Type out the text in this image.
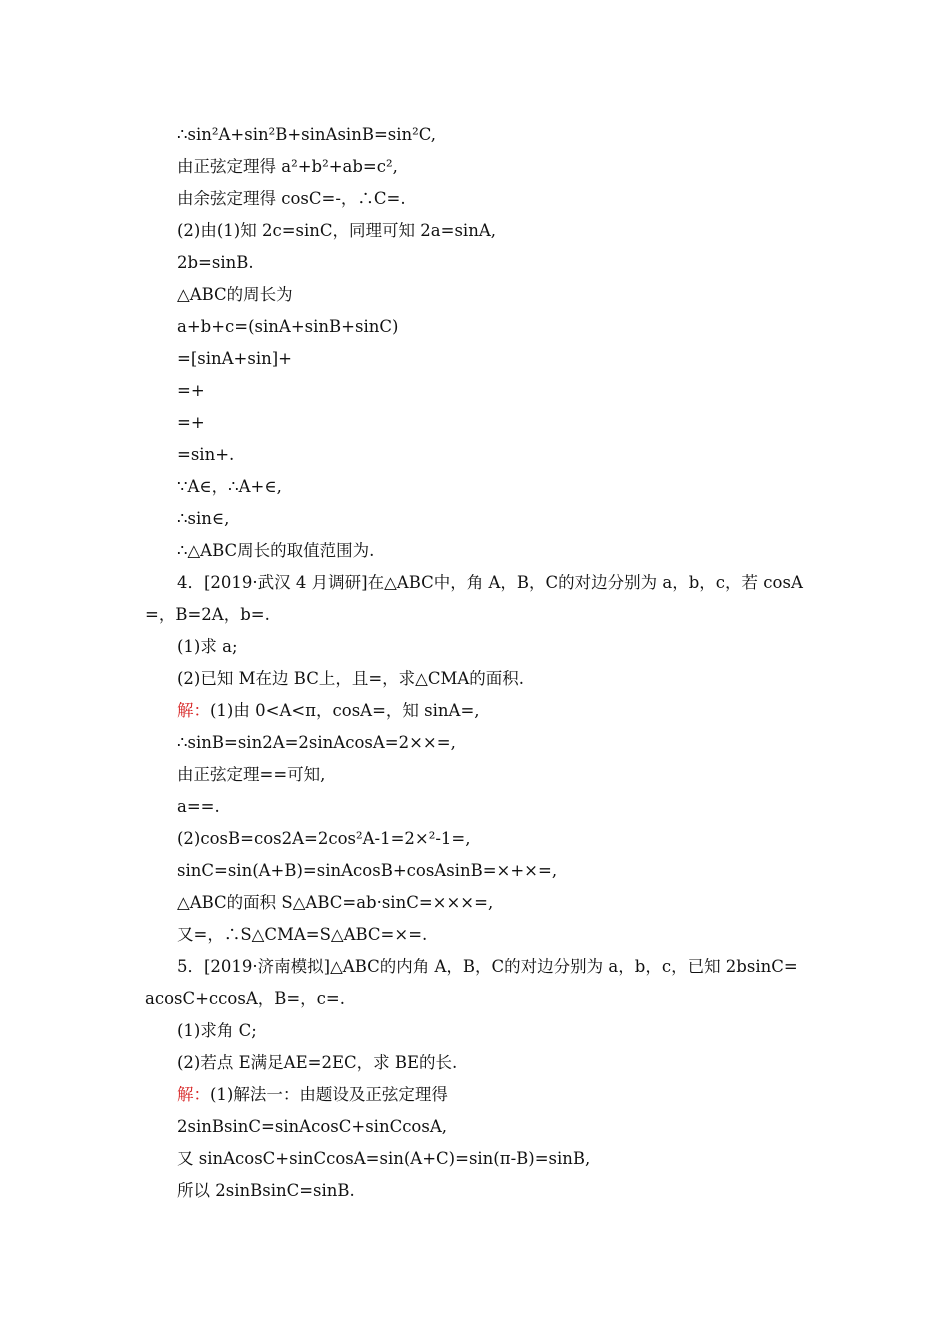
∴sin²A+sin²B+sinAsinB=sin²C,
由正弦定理得 a²+b²+ab=c²,
由余弦定理得 cosC=-，∴C=.
(2)由(1)知 2c=sinC，同理可知 2a=sinA,
2b=sinB.
△ABC的周长为
a+b+c=(sinA+sinB+sinC)
=[sinA+sin]+
=+
=+
=sin+.
∵A∈，∴A+∈,
∴sin∈,
∴△ABC周长的取值范围为.
4．[2019·武汉 4 月调研]在△ABC中，角 A，B，C的对边分别为 a，b，c，若 cosA
=，B=2A，b=.
(1)求 a;
(2)已知 M在边 BC上，且=，求△CMA的面积.
解：(1)由 0<A<π，cosA=，知 sinA=,
∴sinB=sin2A=2sinAcosA=2××=,
由正弦定理==可知,
a==.
(2)cosB=cos2A=2cos²A-1=2×²-1=,
sinC=sin(A+B)=sinAcosB+cosAsinB=×+×=,
△ABC的面积 S△ABC=ab·sinC=×××=,
又=，∴S△CMA=S△ABC=×=.
5．[2019·济南模拟]△ABC的内角 A，B，C的对边分别为 a，b，c，已知 2bsinC=
acosC+ccosA，B=，c=.
(1)求角 C;
(2)若点 E满足AE=2EC，求 BE的长.
解：(1)解法一：由题设及正弦定理得
2sinBsinC=sinAcosC+sinCcosA,
又 sinAcosC+sinCcosA=sin(A+C)=sin(π-B)=sinB,
所以 2sinBsinC=sinB.
